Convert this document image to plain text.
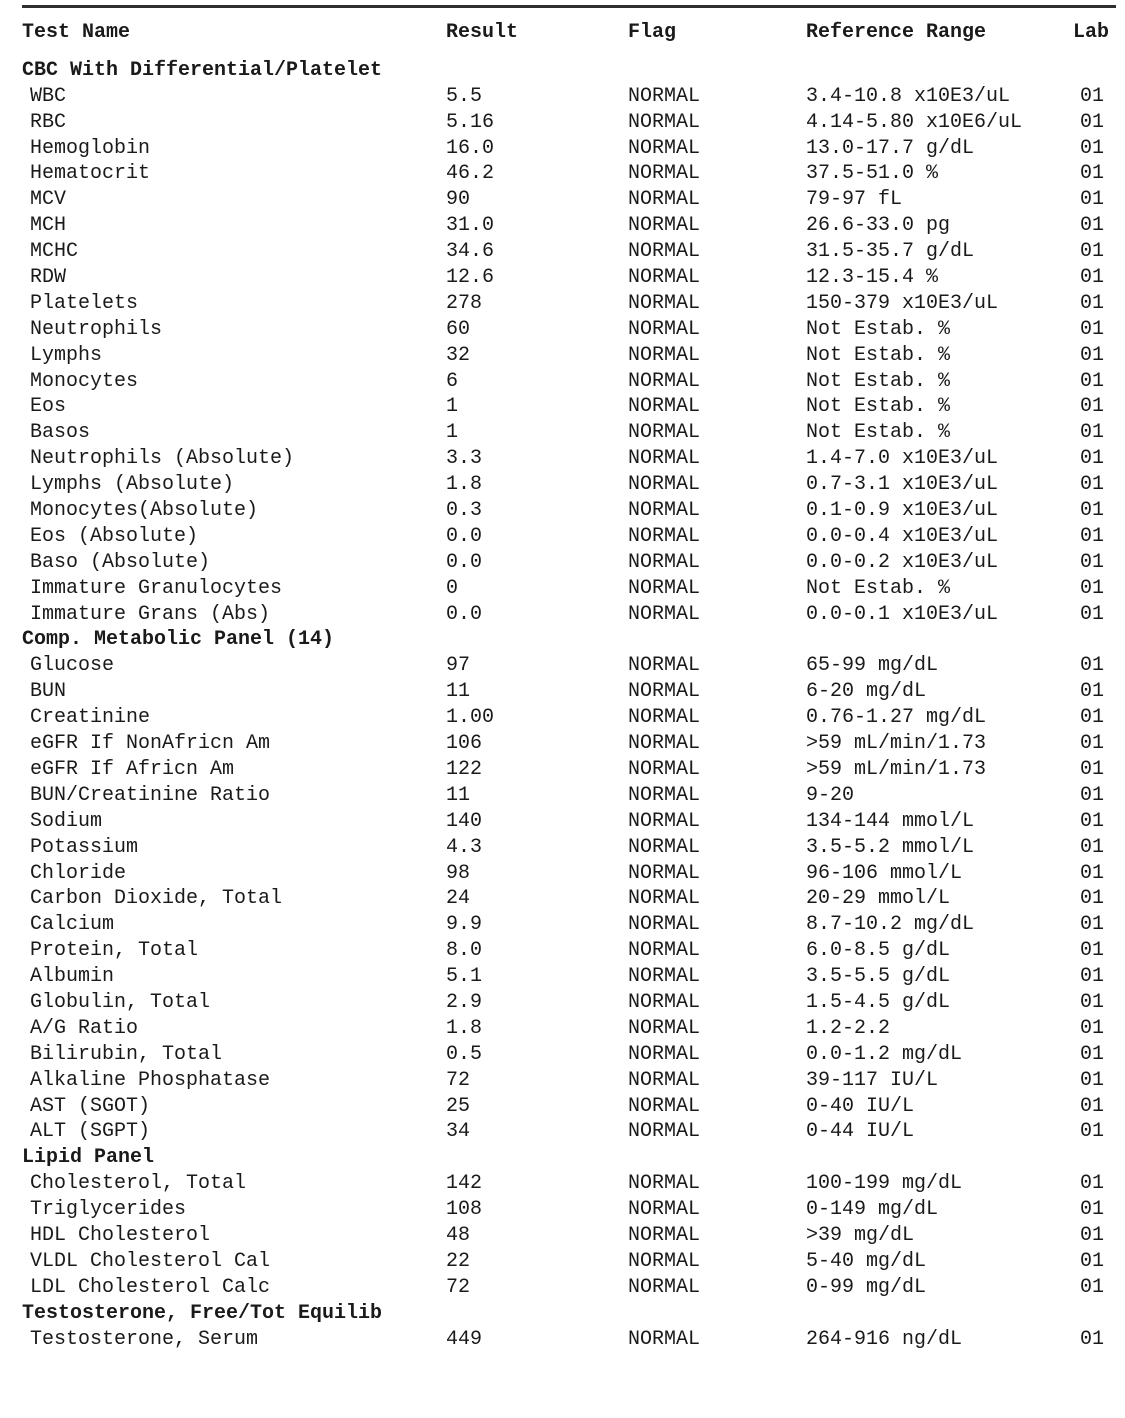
Test Name	Result	Flag	Reference Range	Lab
CBC With Differential/Platelet
WBC	5.5	NORMAL	3.4-10.8 x10E3/uL	01
RBC	5.16	NORMAL	4.14-5.80 x10E6/uL	01
Hemoglobin	16.0	NORMAL	13.0-17.7 g/dL	01
Hematocrit	46.2	NORMAL	37.5-51.0 %	01
MCV	90	NORMAL	79-97 fL	01
MCH	31.0	NORMAL	26.6-33.0 pg	01
MCHC	34.6	NORMAL	31.5-35.7 g/dL	01
RDW	12.6	NORMAL	12.3-15.4 %	01
Platelets	278	NORMAL	150-379 x10E3/uL	01
Neutrophils	60	NORMAL	Not Estab. %	01
Lymphs	32	NORMAL	Not Estab. %	01
Monocytes	6	NORMAL	Not Estab. %	01
Eos	1	NORMAL	Not Estab. %	01
Basos	1	NORMAL	Not Estab. %	01
Neutrophils (Absolute)	3.3	NORMAL	1.4-7.0 x10E3/uL	01
Lymphs (Absolute)	1.8	NORMAL	0.7-3.1 x10E3/uL	01
Monocytes(Absolute)	0.3	NORMAL	0.1-0.9 x10E3/uL	01
Eos (Absolute)	0.0	NORMAL	0.0-0.4 x10E3/uL	01
Baso (Absolute)	0.0	NORMAL	0.0-0.2 x10E3/uL	01
Immature Granulocytes	0	NORMAL	Not Estab. %	01
Immature Grans (Abs)	0.0	NORMAL	0.0-0.1 x10E3/uL	01
Comp. Metabolic Panel (14)
Glucose	97	NORMAL	65-99 mg/dL	01
BUN	11	NORMAL	6-20 mg/dL	01
Creatinine	1.00	NORMAL	0.76-1.27 mg/dL	01
eGFR If NonAfricn Am	106	NORMAL	>59 mL/min/1.73	01
eGFR If Africn Am	122	NORMAL	>59 mL/min/1.73	01
BUN/Creatinine Ratio	11	NORMAL	9-20	01
Sodium	140	NORMAL	134-144 mmol/L	01
Potassium	4.3	NORMAL	3.5-5.2 mmol/L	01
Chloride	98	NORMAL	96-106 mmol/L	01
Carbon Dioxide, Total	24	NORMAL	20-29 mmol/L	01
Calcium	9.9	NORMAL	8.7-10.2 mg/dL	01
Protein, Total	8.0	NORMAL	6.0-8.5 g/dL	01
Albumin	5.1	NORMAL	3.5-5.5 g/dL	01
Globulin, Total	2.9	NORMAL	1.5-4.5 g/dL	01
A/G Ratio	1.8	NORMAL	1.2-2.2	01
Bilirubin, Total	0.5	NORMAL	0.0-1.2 mg/dL	01
Alkaline Phosphatase	72	NORMAL	39-117 IU/L	01
AST (SGOT)	25	NORMAL	0-40 IU/L	01
ALT (SGPT)	34	NORMAL	0-44 IU/L	01
Lipid Panel
Cholesterol, Total	142	NORMAL	100-199 mg/dL	01
Triglycerides	108	NORMAL	0-149 mg/dL	01
HDL Cholesterol	48	NORMAL	>39 mg/dL	01
VLDL Cholesterol Cal	22	NORMAL	5-40 mg/dL	01
LDL Cholesterol Calc	72	NORMAL	0-99 mg/dL	01
Testosterone, Free/Tot Equilib
Testosterone, Serum	449	NORMAL	264-916 ng/dL	01
